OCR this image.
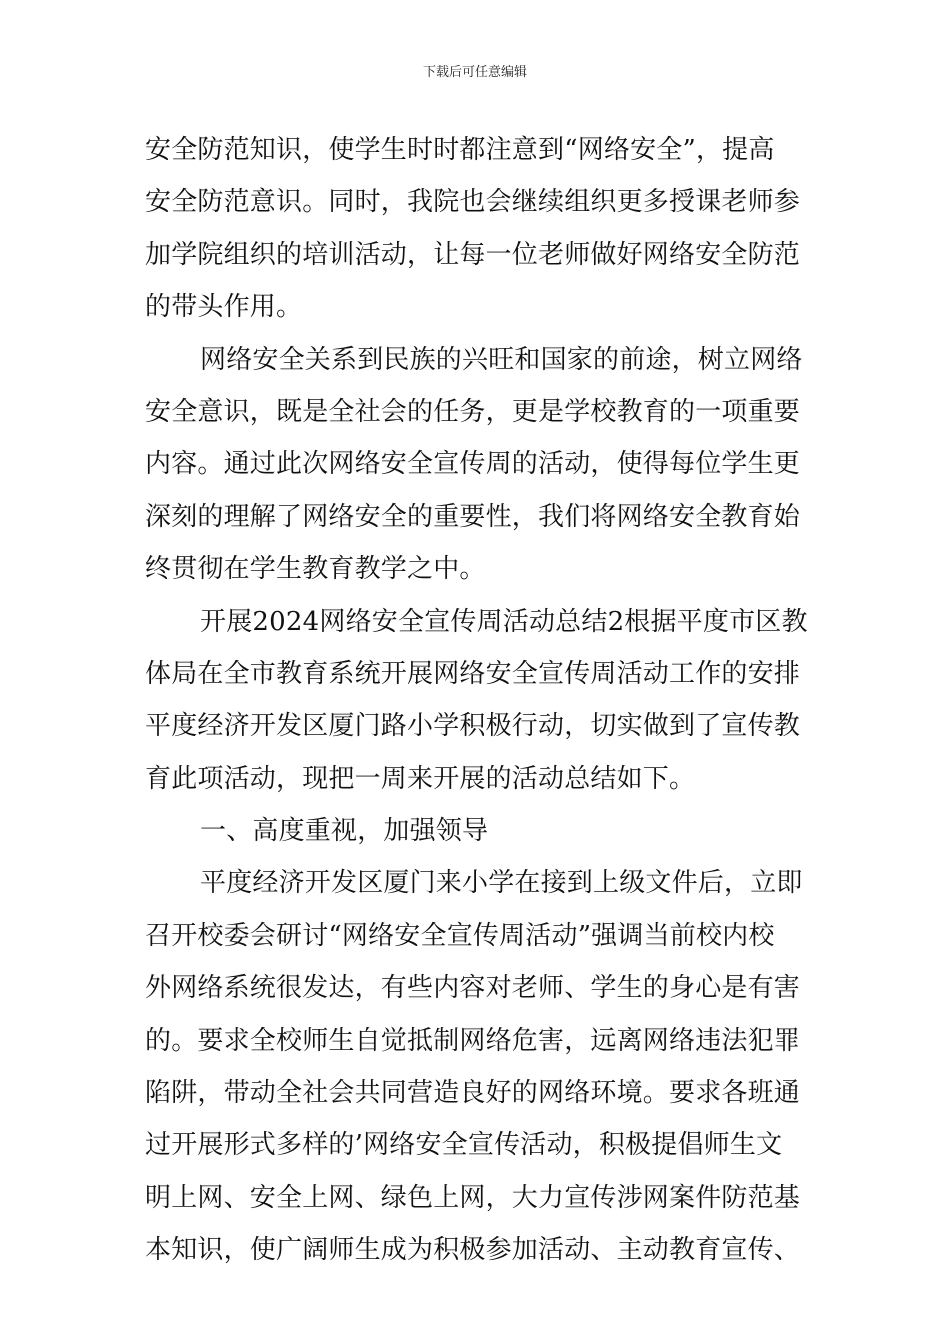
下载后可任意编辑
安全防范知识，使学生时时都注意到“网络安全”，提高
安全防范意识。同时，我院也会继续组织更多授课老师参
加学院组织的培训活动，让每一位老师做好网络安全防范
的带头作用。
网络安全关系到民族的兴旺和国家的前途，树立网络
安全意识，既是全社会的任务，更是学校教育的一项重要
内容。通过此次网络安全宣传周的活动，使得每位学生更
深刻的理解了网络安全的重要性，我们将网络安全教育始
终贯彻在学生教育教学之中。
开展2024网络安全宣传周活动总结2根据平度市区教
体局在全市教育系统开展网络安全宣传周活动工作的安排
平度经济开发区厦门路小学积极行动，切实做到了宣传教
育此项活动，现把一周来开展的活动总结如下。
一、高度重视，加强领导
平度经济开发区厦门来小学在接到上级文件后，立即
召开校委会研讨“网络安全宣传周活动”强调当前校内校
外网络系统很发达，有些内容对老师、学生的身心是有害
的。要求全校师生自觉抵制网络危害，远离网络违法犯罪
陷阱，带动全社会共同营造良好的网络环境。要求各班通
过开展形式多样的’网络安全宣传活动，积极提倡师生文
明上网、安全上网、绿色上网，大力宣传涉网案件防范基
本知识，使广阔师生成为积极参加活动、主动教育宣传、
